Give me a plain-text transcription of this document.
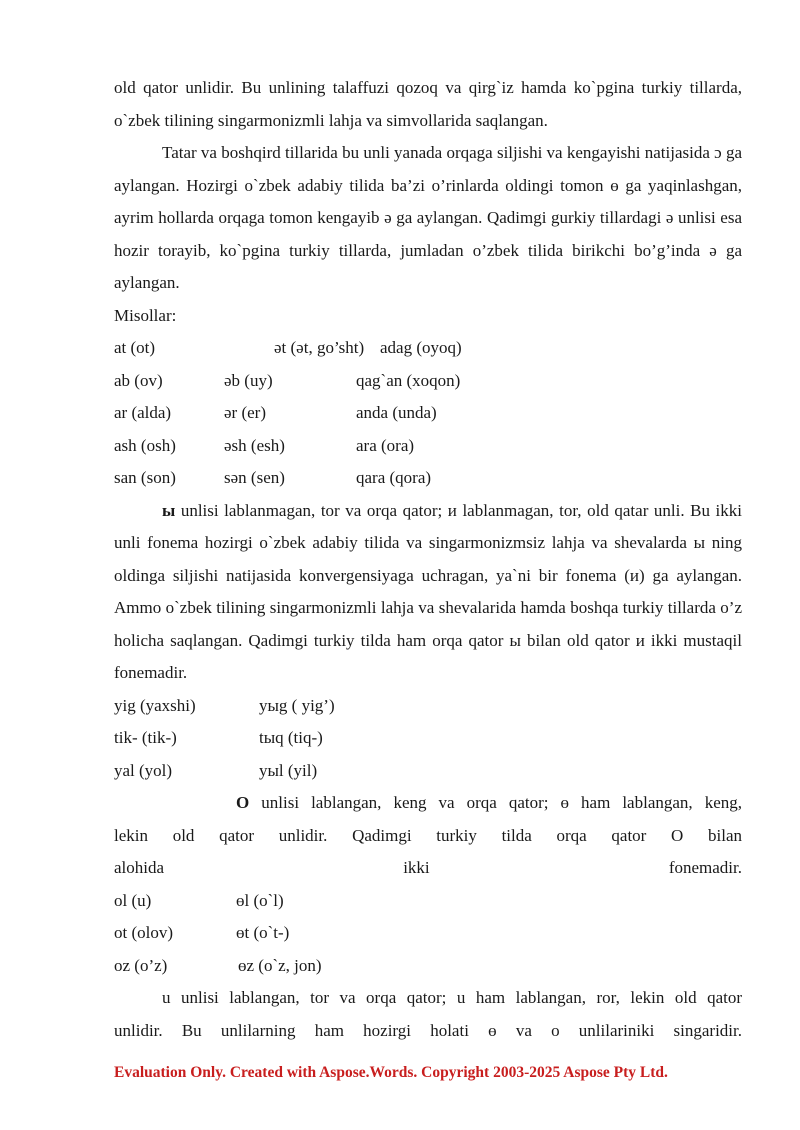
old qator unlidir. Bu unlining talaffuzi qozoq va qirg`iz hamda ko`pgina turkiy tillarda, o`zbek tilining singarmonizmli lahja va simvollarida saqlangan.

Tatar va boshqird tillarida bu unli yanada orqaga siljishi va kengayishi natijasida ɔ ga aylangan. Hozirgi o`zbek adabiy tilida ba’zi o’rinlarda oldingi tomon ɵ ga yaqinlashgan, ayrim hollarda orqaga tomon kengayib ə ga aylangan. Qadimgi gurkiy tillardagi ə unlisi esa hozir torayib, ko`pgina turkiy tillarda, jumladan o’zbek tilida birikchi bo’g’inda ə ga aylangan.

Misollar:
at (ot)	ət (ət, go’sht) adag (oyoq)
ab (ov)	əb (uy)	qag`an (xoqon)
ar (alda)	ər (er)	anda (unda)
ash (osh)	əsh (esh)	ara (ora)
san (son)	sən (sen)	qara (qora)

ы unlisi lablanmagan, tor va orqa qator; и lablanmagan, tor, old qatar unli. Bu ikki unli fonema hozirgi o`zbek adabiy tilida va singarmonizmsiz lahja va shevalarda ы ning oldinga siljishi natijasida konvergensiyaga uchragan, ya`ni bir fonema (и) ga aylangan. Ammo o`zbek tilining singarmonizmli lahja va shevalarida hamda boshqa turkiy tillarda o’z holicha saqlangan. Qadimgi turkiy tilda ham orqa qator ы bilan old qator и ikki mustaqil fonemadir.

yig (yaxshi)	уыg ( yig’)
tik- (tik-)	tыq (tiq-)
yal (yol)	уыl (yil)
O unlisi lablangan, keng va orqa qator; ɵ ham lablangan, keng,
lekin old qator unlidir. Qadimgi turkiy tilda orqa qator O bilan
alohida ikki fonemadir.
ol (u)	ɵl (o`l)
ot (olov)	ɵt (o`t-)
oz (o’z)	ɵz (o`z, jon)
u unlisi lablangan, tor va orqa qator; u ham lablangan, ror, lekin old qator
unlidir. Bu unlilarning ham hozirgi holati ɵ va o unlilariniki singaridir.
Evaluation Only. Created with Aspose.Words. Copyright 2003-2025 Aspose Pty Ltd.
